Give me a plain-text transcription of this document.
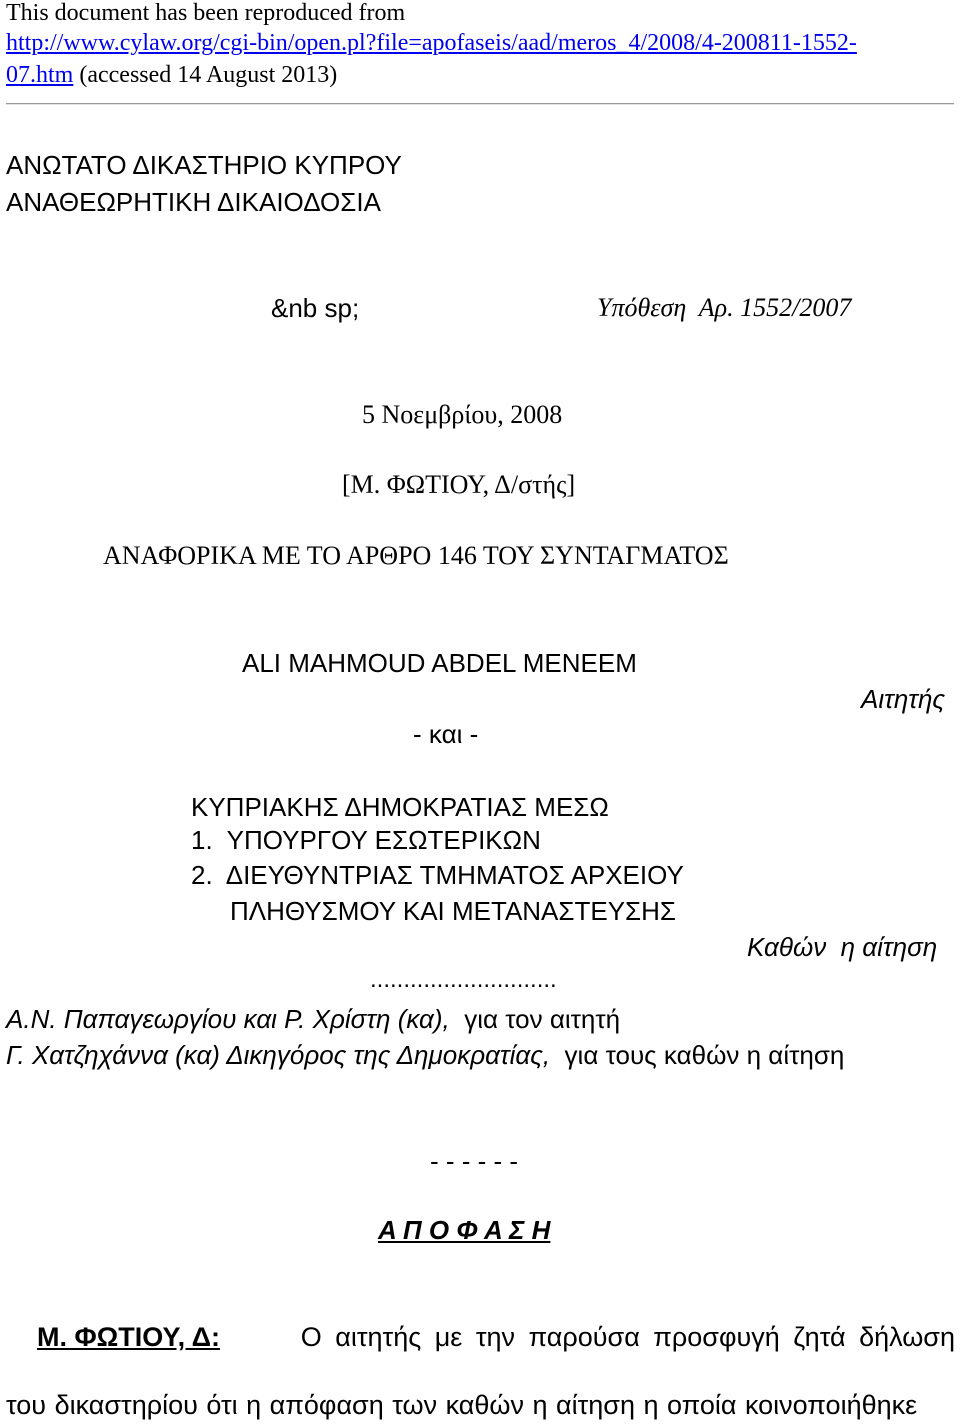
This document has been reproduced from
http://www.cylaw.org/cgi-bin/open.pl?file=apofaseis/aad/meros_4/2008/4-200811-1552-
07.htm (accessed 14 August 2013)
ΑΝΩΤΑΤΟ ΔΙΚΑΣΤΗΡΙΟ ΚΥΠΡΟΥ
ΑΝΑΘΕΩΡΗΤΙΚΗ ΔΙΚΑΙΟΔΟΣΙΑ
&nb sp;	Υπόθεση  Αρ. 1552/2007
5 Νοεμβρίου, 2008
[Μ. ΦΩΤΙΟΥ, Δ/στής]
ΑΝΑΦΟΡΙΚΑ ΜΕ ΤΟ ΑΡΘΡΟ 146 ΤΟΥ ΣΥΝΤΑΓΜΑΤΟΣ
ALI MAHMOUD ABDEL MENEEM
Αιτητής
- και -
ΚΥΠΡΙΑΚΗΣ ΔΗΜΟΚΡΑΤΙΑΣ ΜΕΣΩ
1.  ΥΠΟΥΡΓΟΥ ΕΣΩΤΕΡΙΚΩΝ
2.  ΔΙΕΥΘΥΝΤΡΙΑΣ ΤΜΗΜΑΤΟΣ ΑΡΧΕΙΟΥ
ΠΛΗΘΥΣΜΟΥ ΚΑΙ ΜΕΤΑΝΑΣΤΕΥΣΗΣ
Καθών  η αίτηση
............................
Α.Ν. Παπαγεωργίου και Ρ. Χρίστη (κα),  για τον αιτητή
Γ. Χατζηχάννα (κα) Δικηγόρος της Δημοκρατίας,  για τους καθών η αίτηση
- - - - - -
Α Π Ο Φ Α Σ Η
Μ. ΦΩΤΙΟΥ, Δ:	Ο αιτητής με την παρούσα προσφυγή ζητά δήλωση
του δικαστηρίου ότι η απόφαση των καθών η αίτηση η οποία κοινοποιήθηκε
